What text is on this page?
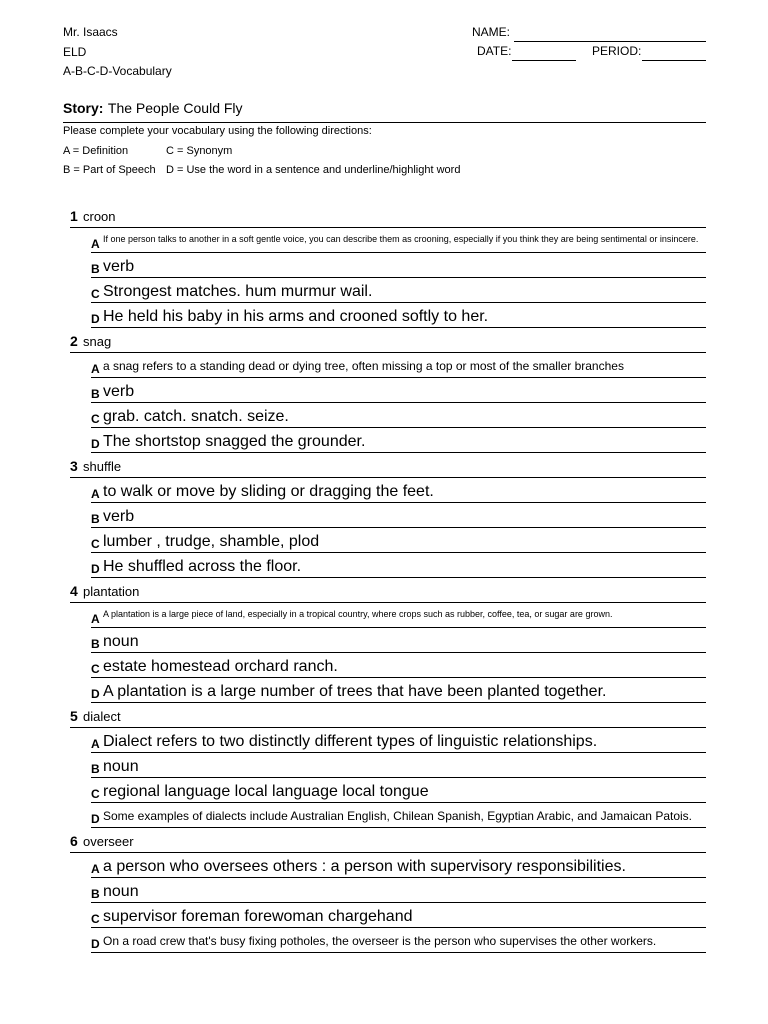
Mr. Isaacs
ELD
A-B-C-D-Vocabulary
NAME:
DATE:	PERIOD:
Story: The People Could Fly
Please complete your vocabulary using the following directions:
A = Definition	C = Synonym
B = Part of Speech D = Use the word in a sentence and underline/highlight word
1 croon
A If one person talks to another in a soft gentle voice, you can describe them as crooning, especially if you think they are being sentimental or insincere.
B verb
C Strongest matches. hum murmur wail.
D He held his baby in his arms and crooned softly to her.
2 snag
A a snag refers to a standing dead or dying tree, often missing a top or most of the smaller branches
B verb
C grab. catch. snatch. seize.
D The shortstop snagged the grounder.
3 shuffle
A to walk or move by sliding or dragging the feet.
B verb
C lumber , trudge, shamble, plod
D He shuffled across the floor.
4 plantation
A A plantation is a large piece of land, especially in a tropical country, where crops such as rubber, coffee, tea, or sugar are grown.
B noun
C estate homestead orchard ranch.
D A plantation is a large number of trees that have been planted together.
5 dialect
A Dialect refers to two distinctly different types of linguistic relationships.
B noun
C regional language local language local tongue
D Some examples of dialects include Australian English, Chilean Spanish, Egyptian Arabic, and Jamaican Patois.
6 overseer
A a person who oversees others : a person with supervisory responsibilities.
B noun
C supervisor foreman forewoman chargehand
D On a road crew that's busy fixing potholes, the overseer is the person who supervises the other workers.
